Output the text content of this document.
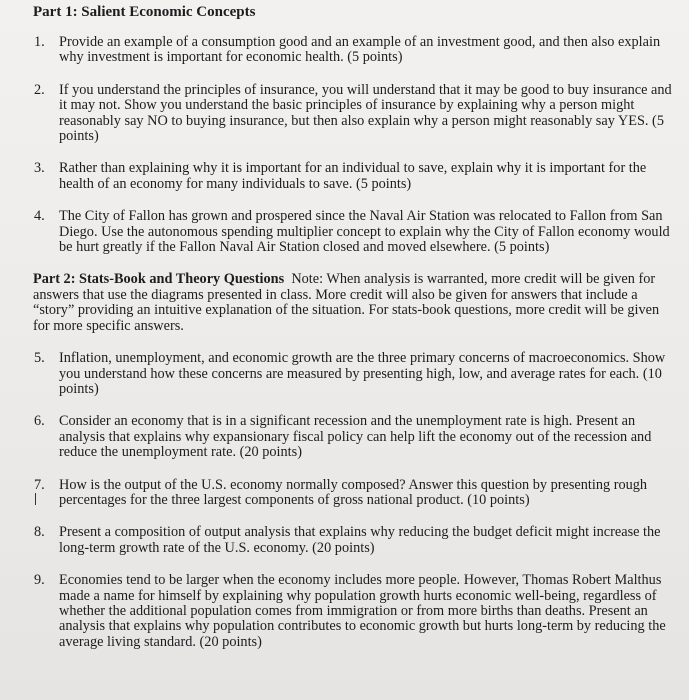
Part 1: Salient Economic Concepts
1. Provide an example of a consumption good and an example of an investment good, and then also explain why investment is important for economic health. (5 points)
2. If you understand the principles of insurance, you will understand that it may be good to buy insurance and it may not. Show you understand the basic principles of insurance by explaining why a person might reasonably say NO to buying insurance, but then also explain why a person might reasonably say YES. (5 points)
3. Rather than explaining why it is important for an individual to save, explain why it is important for the health of an economy for many individuals to save. (5 points)
4. The City of Fallon has grown and prospered since the Naval Air Station was relocated to Fallon from San Diego. Use the autonomous spending multiplier concept to explain why the City of Fallon economy would be hurt greatly if the Fallon Naval Air Station closed and moved elsewhere. (5 points)
Part 2: Stats-Book and Theory Questions Note: When analysis is warranted, more credit will be given for answers that use the diagrams presented in class. More credit will also be given for answers that include a “story” providing an intuitive explanation of the situation. For stats-book questions, more credit will be given for more specific answers.
5. Inflation, unemployment, and economic growth are the three primary concerns of macroeconomics. Show you understand how these concerns are measured by presenting high, low, and average rates for each. (10 points)
6. Consider an economy that is in a significant recession and the unemployment rate is high. Present an analysis that explains why expansionary fiscal policy can help lift the economy out of the recession and reduce the unemployment rate. (20 points)
7. How is the output of the U.S. economy normally composed? Answer this question by presenting rough percentages for the three largest components of gross national product. (10 points)
8. Present a composition of output analysis that explains why reducing the budget deficit might increase the long-term growth rate of the U.S. economy. (20 points)
9. Economies tend to be larger when the economy includes more people. However, Thomas Robert Malthus made a name for himself by explaining why population growth hurts economic well-being, regardless of whether the additional population comes from immigration or from more births than deaths. Present an analysis that explains why population contributes to economic growth but hurts long-term by reducing the average living standard. (20 points)
